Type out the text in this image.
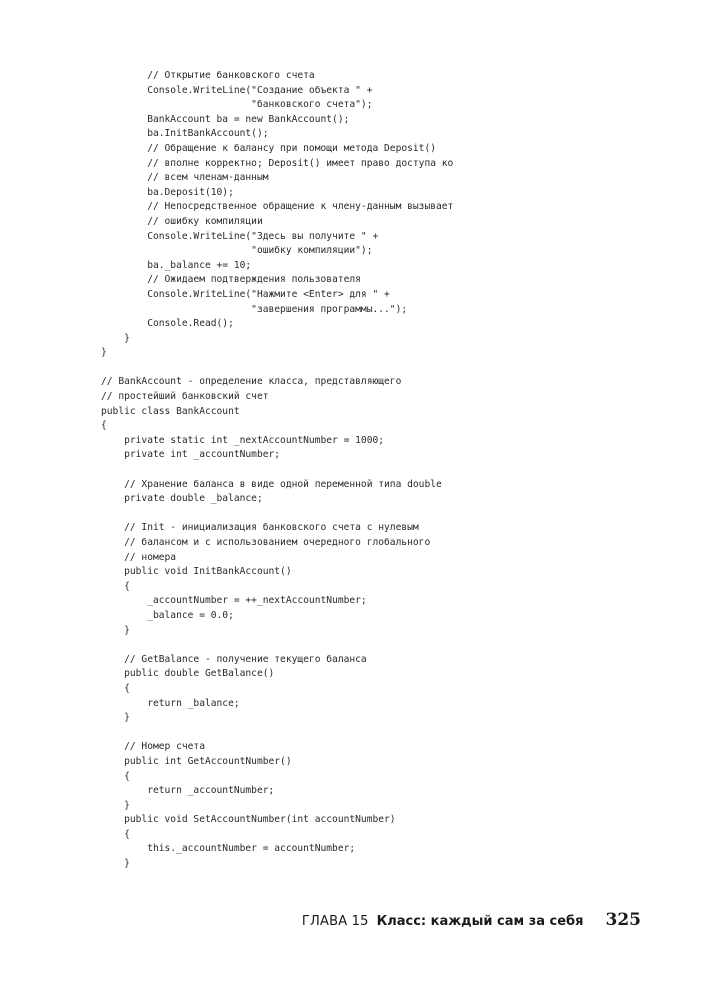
// Открытие банковского счета
Console.WriteLine("Создание объекта " +
"банковского счета");
BankAccount ba = new BankAccount();
ba.InitBankAccount();
// Обращение к балансу при помощи метода Deposit()
// вполне корректно; Deposit() имеет право доступа ко
// всем членам-данным
ba.Deposit(10);
// Непосредственное обращение к члену-данным вызывает
// ошибку компиляции
Console.WriteLine("Здесь вы получите " +
"ошибку компиляции");
ba._balance += 10;
// Ожидаем подтверждения пользователя
Console.WriteLine("Нажмите <Enter> для " +
"завершения программы...");
Console.Read();
}
}
// BankAccount - определение класса, представляющего
// простейший банковский счет
public class BankAccount
{
private static int _nextAccountNumber = 1000;
private int _accountNumber;
// Хранение баланса в виде одной переменной типа double
private double _balance;
// Init - инициализация банковского счета с нулевым
// балансом и с использованием очередного глобального
// номера
public void InitBankAccount()
{
_accountNumber = ++_nextAccountNumber;
_balance = 0.0;
}
// GetBalance - получение текущего баланса
public double GetBalance()
{
return _balance;
}
// Номер счета
public int GetAccountNumber()
{
return _accountNumber;
}
public void SetAccountNumber(int accountNumber)
{
this._accountNumber = accountNumber;
}
ГЛАВА 15 Класс: каждый сам за себя 325
